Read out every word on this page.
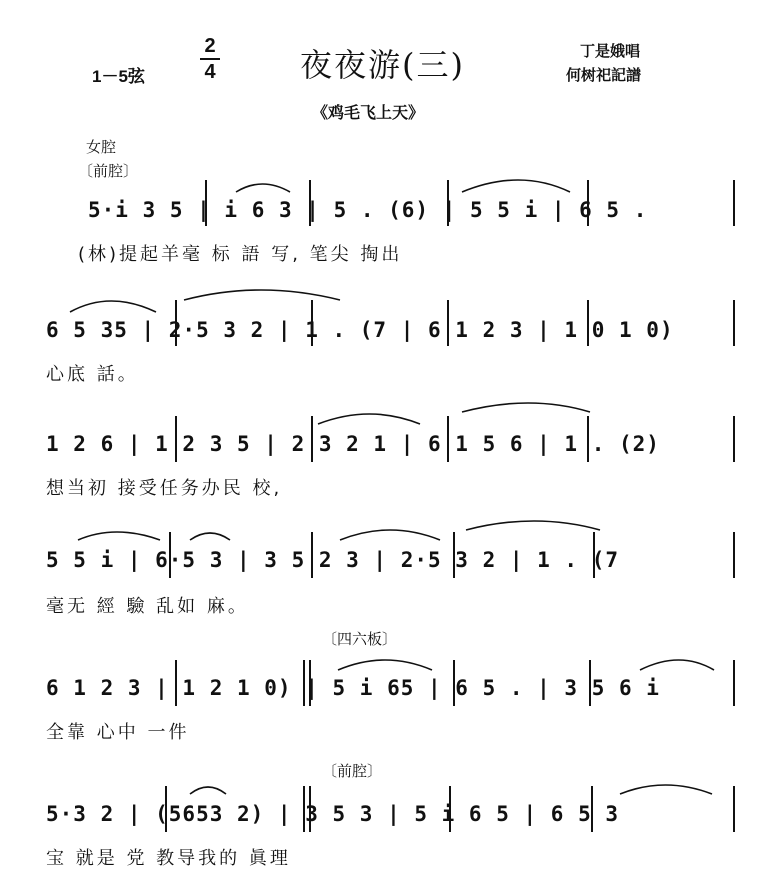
1－5弦
2
4	夜夜游(三)
《鸡毛飞上天》
丁是娥唱
何树祀記譜
女腔
〔前腔〕
〔四六板〕
〔前腔〕
5·i 3 5 | i 6 3 | 5 . (6) | 5 5 i | 6 5 .
(林)提起羊毫 标 語 写, 笔尖 掏出
6 5 35 | 2·5 3 2 | 1 . (7 | 6 1 2 3 | 1 0 1 0)
心底 話。
1 2 6 | 1 2 3 5 | 2 3 2 1 | 6 1 5 6 | 1 . (2)
想当初 接受任务办民 校,
5 5 i | 6·5 3 | 3 5 2 3 | 2·5 3 2 | 1 . (7
毫无 經 驗 乱如 麻。
6 1 2 3 | 1 2 1 0) | 5 i 65 | 6 5 . | 3 5 6 i
全靠 心中 一件
5·3 2 | (5653 2) | 3 5 3 | 5 i 6 5 | 6 5 3
宝 就是 党 教导我的 眞理
